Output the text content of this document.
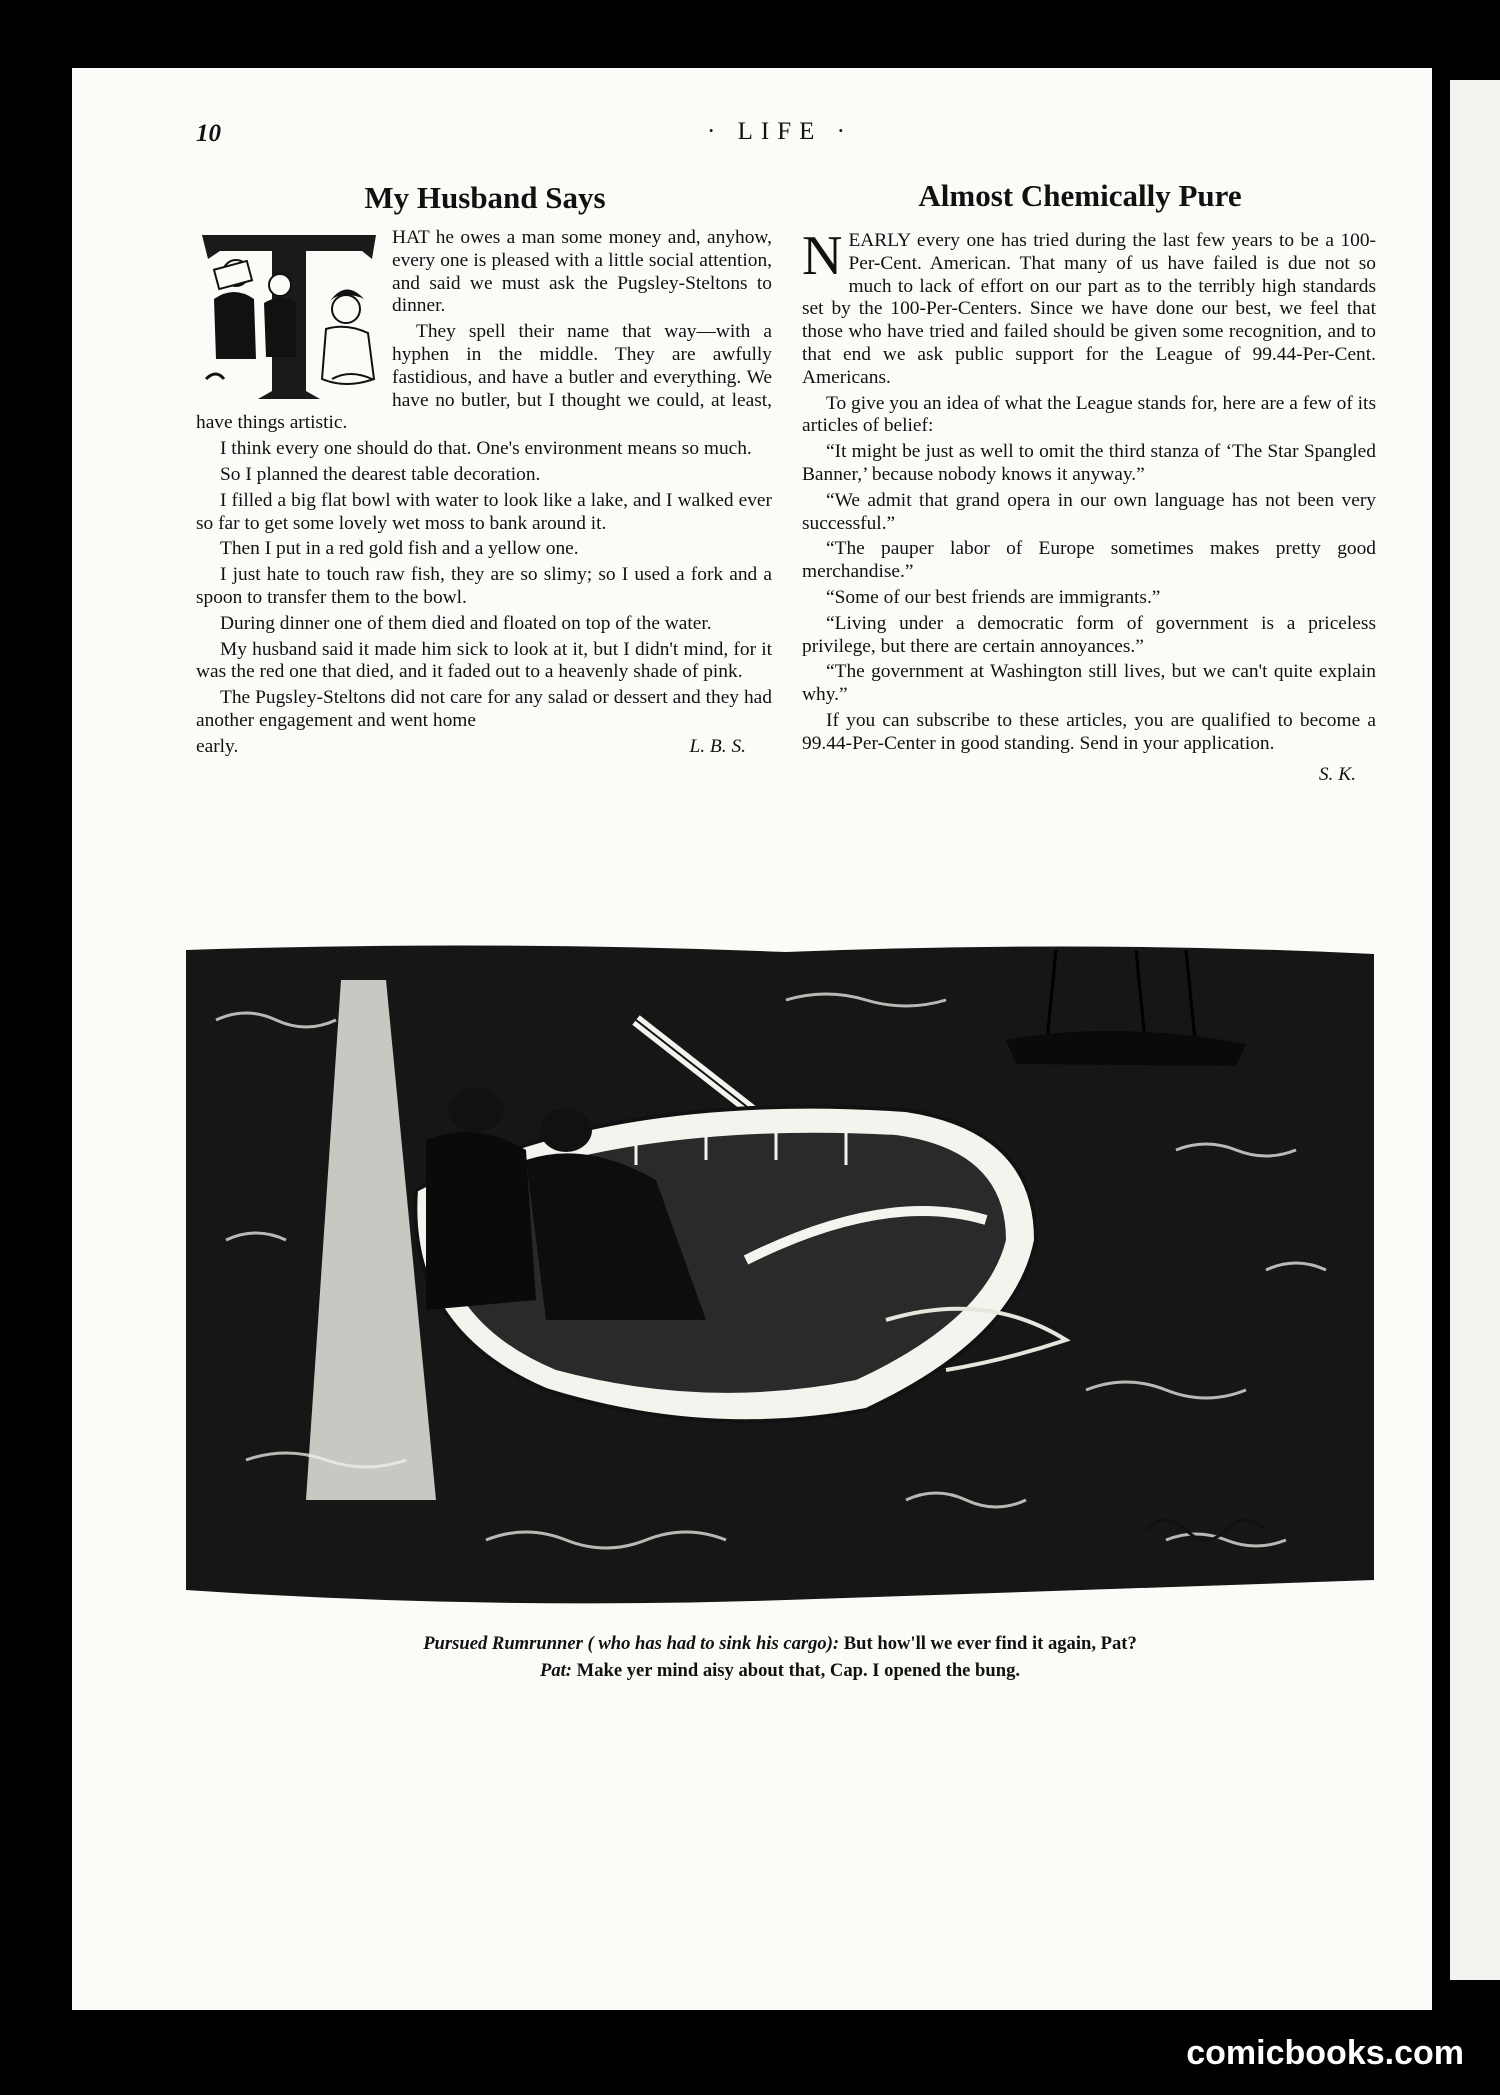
10	· LIFE ·
My Husband Says

HAT he owes a man some money and, anyhow, every one is pleased with a little social attention, and said we must ask the Pugsley-Steltons to dinner.

They spell their name that way—with a hyphen in the middle. They are awfully fastidious, and have a butler and everything. We have no butler, but I thought we could, at least, have things artistic.

I think every one should do that. One's environment means so much.

So I planned the dearest table decoration.

I filled a big flat bowl with water to look like a lake, and I walked ever so far to get some lovely wet moss to bank around it.

Then I put in a red gold fish and a yellow one.

I just hate to touch raw fish, they are so slimy; so I used a fork and a spoon to transfer them to the bowl.

During dinner one of them died and floated on top of the water.

My husband said it made him sick to look at it, but I didn't mind, for it was the red one that died, and it faded out to a heavenly shade of pink.

The Pugsley-Steltons did not care for any salad or dessert and they had another engagement and went home

early.	L. B. S.
Almost Chemically Pure

NEARLY every one has tried during the last few years to be a 100-Per-Cent. American. That many of us have failed is due not so much to lack of effort on our part as to the terribly high standards set by the 100-Per-Centers. Since we have done our best, we feel that those who have tried and failed should be given some recognition, and to that end we ask public support for the League of 99.44-Per-Cent. Americans.

To give you an idea of what the League stands for, here are a few of its articles of belief:

“It might be just as well to omit the third stanza of ‘The Star Spangled Banner,’ because nobody knows it anyway.”

“We admit that grand opera in our own language has not been very successful.”

“The pauper labor of Europe sometimes makes pretty good merchandise.”

“Some of our best friends are immigrants.”

“Living under a democratic form of government is a priceless privilege, but there are certain annoyances.”

“The government at Washington still lives, but we can't quite explain why.”

If you can subscribe to these articles, you are qualified to become a 99.44-Per-Center in good standing. Send in your application.

S. K.
Pursued Rumrunner ( who has had to sink his cargo): But how'll we ever find it again, Pat?
Pat: Make yer mind aisy about that, Cap. I opened the bung.
comicbooks.com
